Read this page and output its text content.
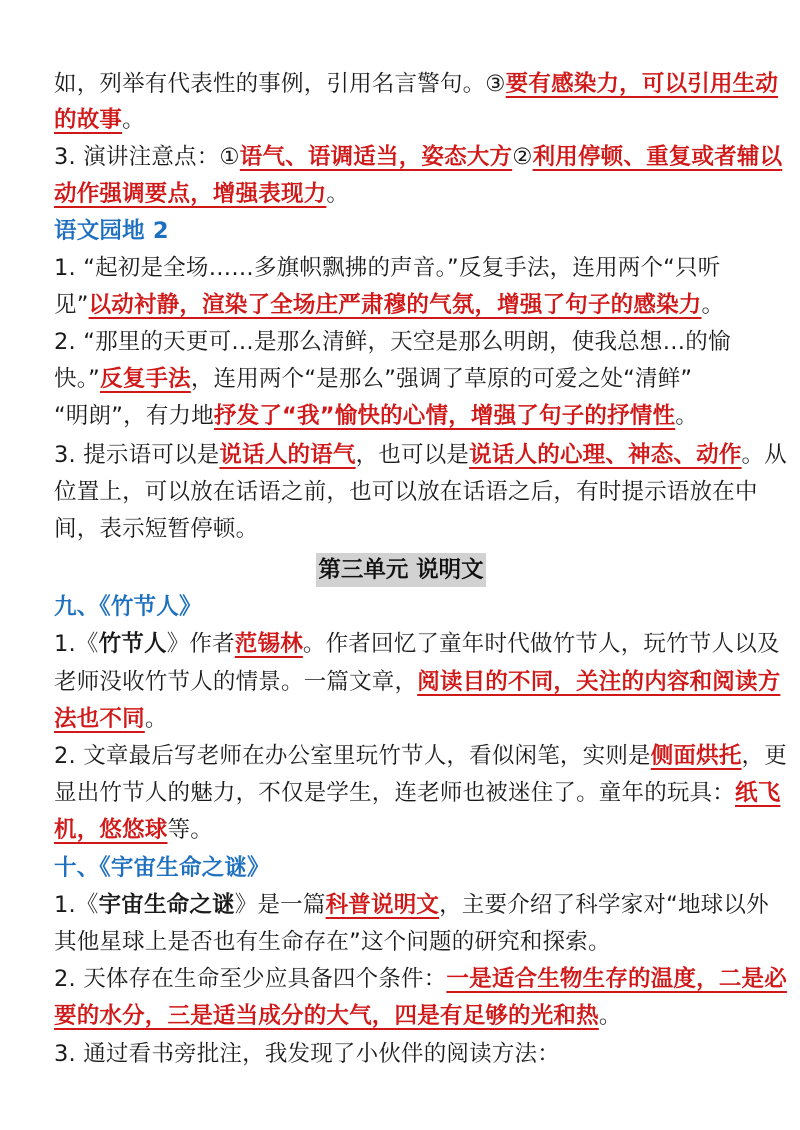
如，列举有代表性的事例，引用名言警句。③要有感染力，可以引用生动
的故事。
3. 演讲注意点：①语气、语调适当，姿态大方②利用停顿、重复或者辅以
动作强调要点，增强表现力。
语文园地 2
1. “起初是全场……多旗帜飘拂的声音。”反复手法，连用两个“只听
见”以动衬静，渲染了全场庄严肃穆的气氛，增强了句子的感染力。
2. “那里的天更可…是那么清鲜，天空是那么明朗，使我总想…的愉
快。”反复手法，连用两个“是那么”强调了草原的可爱之处“清鲜”
“明朗”，有力地抒发了“我”愉快的心情，增强了句子的抒情性。
3. 提示语可以是说话人的语气，也可以是说话人的心理、神态、动作。从
位置上，可以放在话语之前，也可以放在话语之后，有时提示语放在中
间，表示短暂停顿。
第三单元 说明文
九、《竹节人》
1.《竹节人》作者范锡林。作者回忆了童年时代做竹节人，玩竹节人以及
老师没收竹节人的情景。一篇文章，阅读目的不同，关注的内容和阅读方
法也不同。
2. 文章最后写老师在办公室里玩竹节人，看似闲笔，实则是侧面烘托，更
显出竹节人的魅力，不仅是学生，连老师也被迷住了。童年的玩具：纸飞
机，悠悠球等。
十、《宇宙生命之谜》
1.《宇宙生命之谜》是一篇科普说明文，主要介绍了科学家对“地球以外
其他星球上是否也有生命存在”这个问题的研究和探索。
2. 天体存在生命至少应具备四个条件：一是适合生物生存的温度，二是必
要的水分，三是适当成分的大气，四是有足够的光和热。
3. 通过看书旁批注，我发现了小伙伴的阅读方法：
